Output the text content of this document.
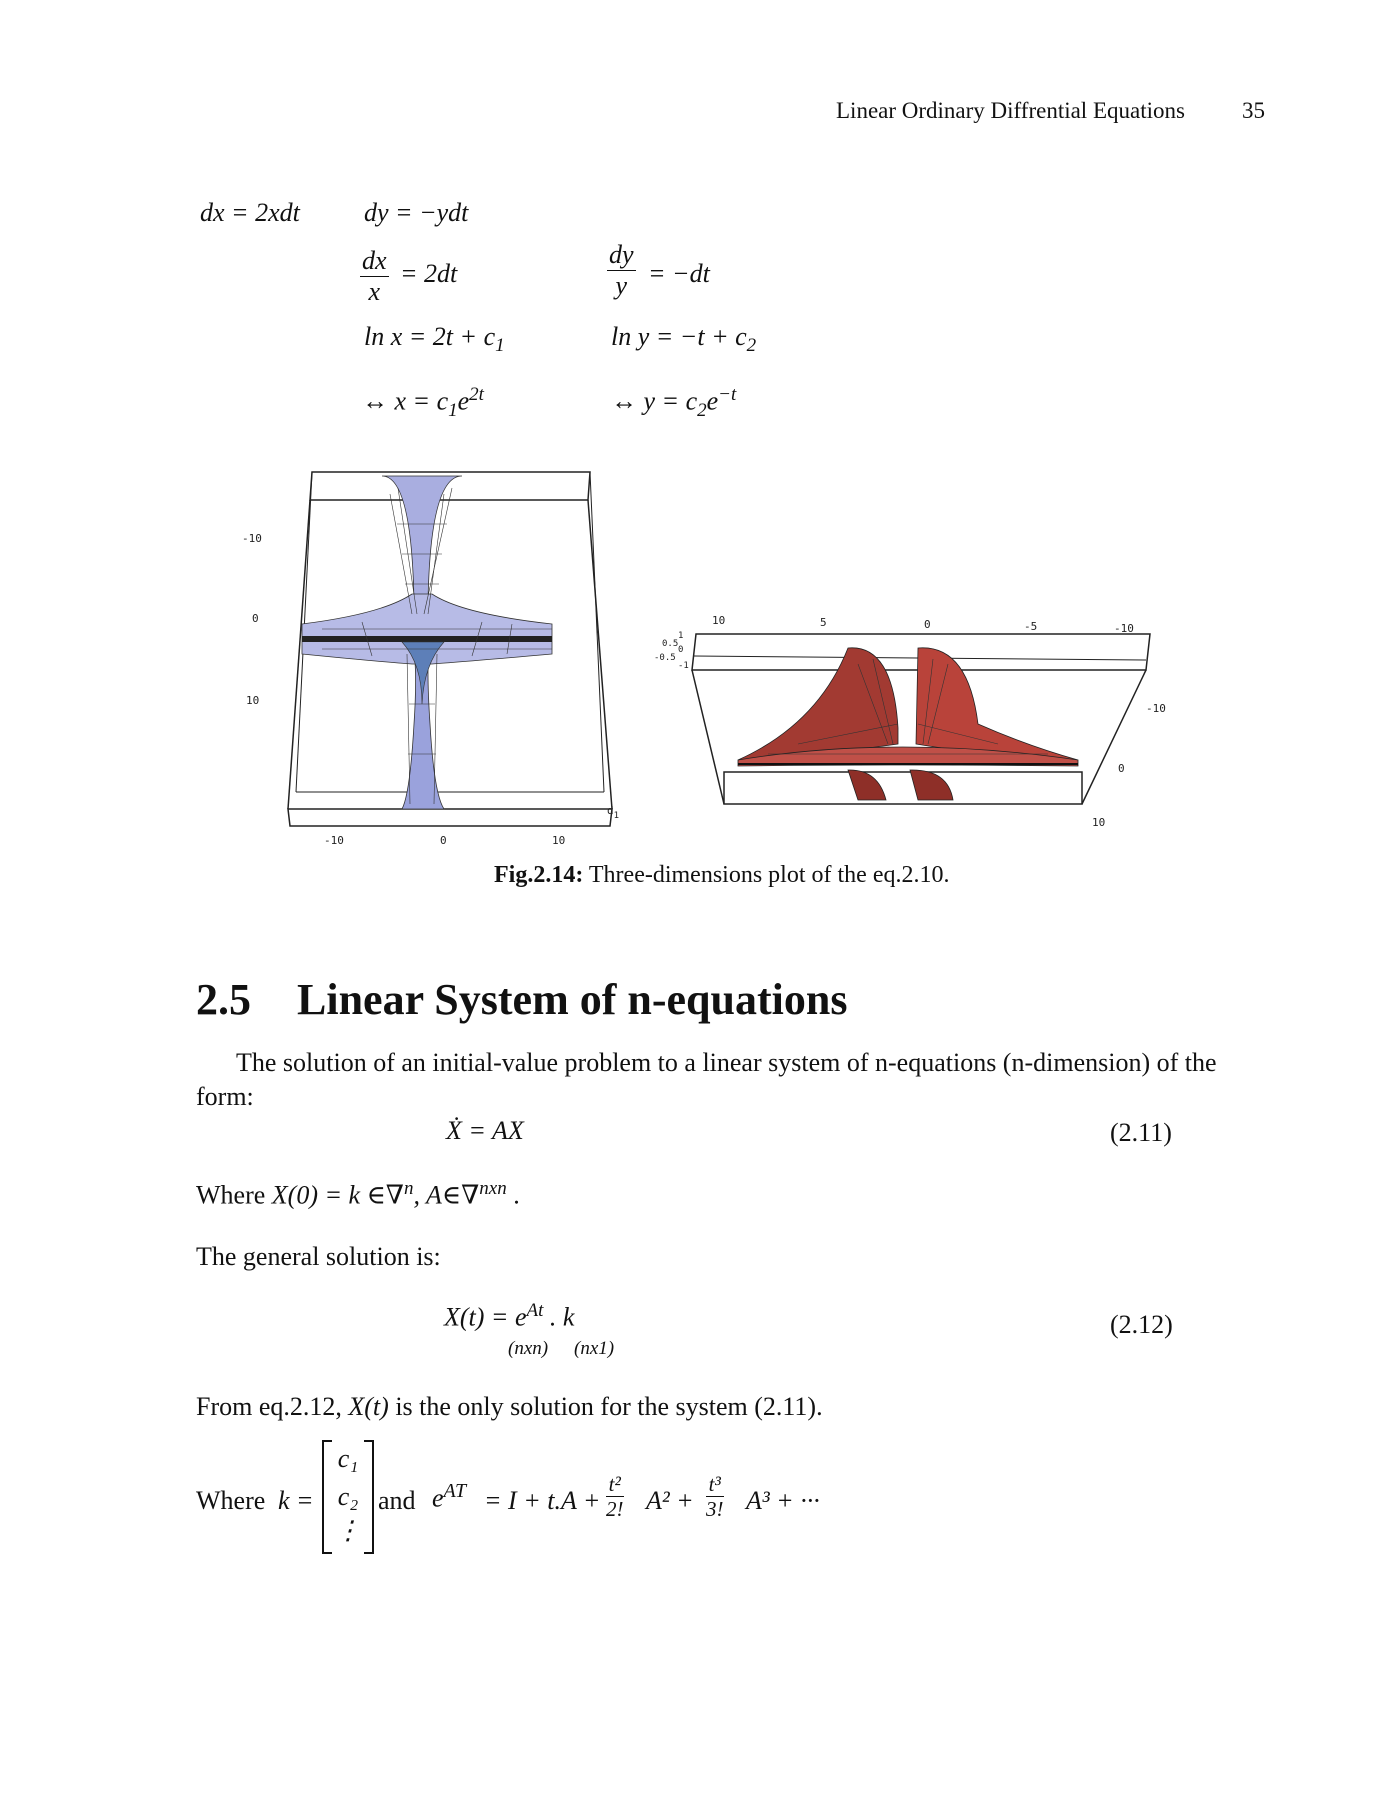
Linear Ordinary Diffrential Equations 35
dx = 2xdt dy = −ydt
$\frac{dx}{x} = 2dt$	$\frac{dy}{y} = -dt$
$\ln x = 2t + c_1$	$\ln y = -t + c_2$
↔ $x = c_1e^{2t}$	↔ $y = c_2e^{-t}$
-10
0
10
-10	0	10
$d_1$
10	5	0	-5	-10
1
0.5
0
-0.5
-1
-10
0
10
Fig.2.14: Three-dimensions plot of the eq.2.10.
2.5 Linear System of n-equations
The solution of an initial-value problem to a linear system of n-equations (n-dimension) of the
form:
Ẋ = AX	(2.11)
Where X(0) = k ∈∇$^n$, A∈∇$^{nxn}$ .
The general solution is:
$X(t) = e^{At}$ . k
(nxn) (nx1)
(2.12)
From eq.2.12, X(t) is the only solution for the system (2.11).
Where k =
c₁
c₂
⋮
and $e^{AT} = I + t.A + \frac{\text{t²}}{2!} A^2 + \frac{\text{t³}}{3!} A^3$ + ···
